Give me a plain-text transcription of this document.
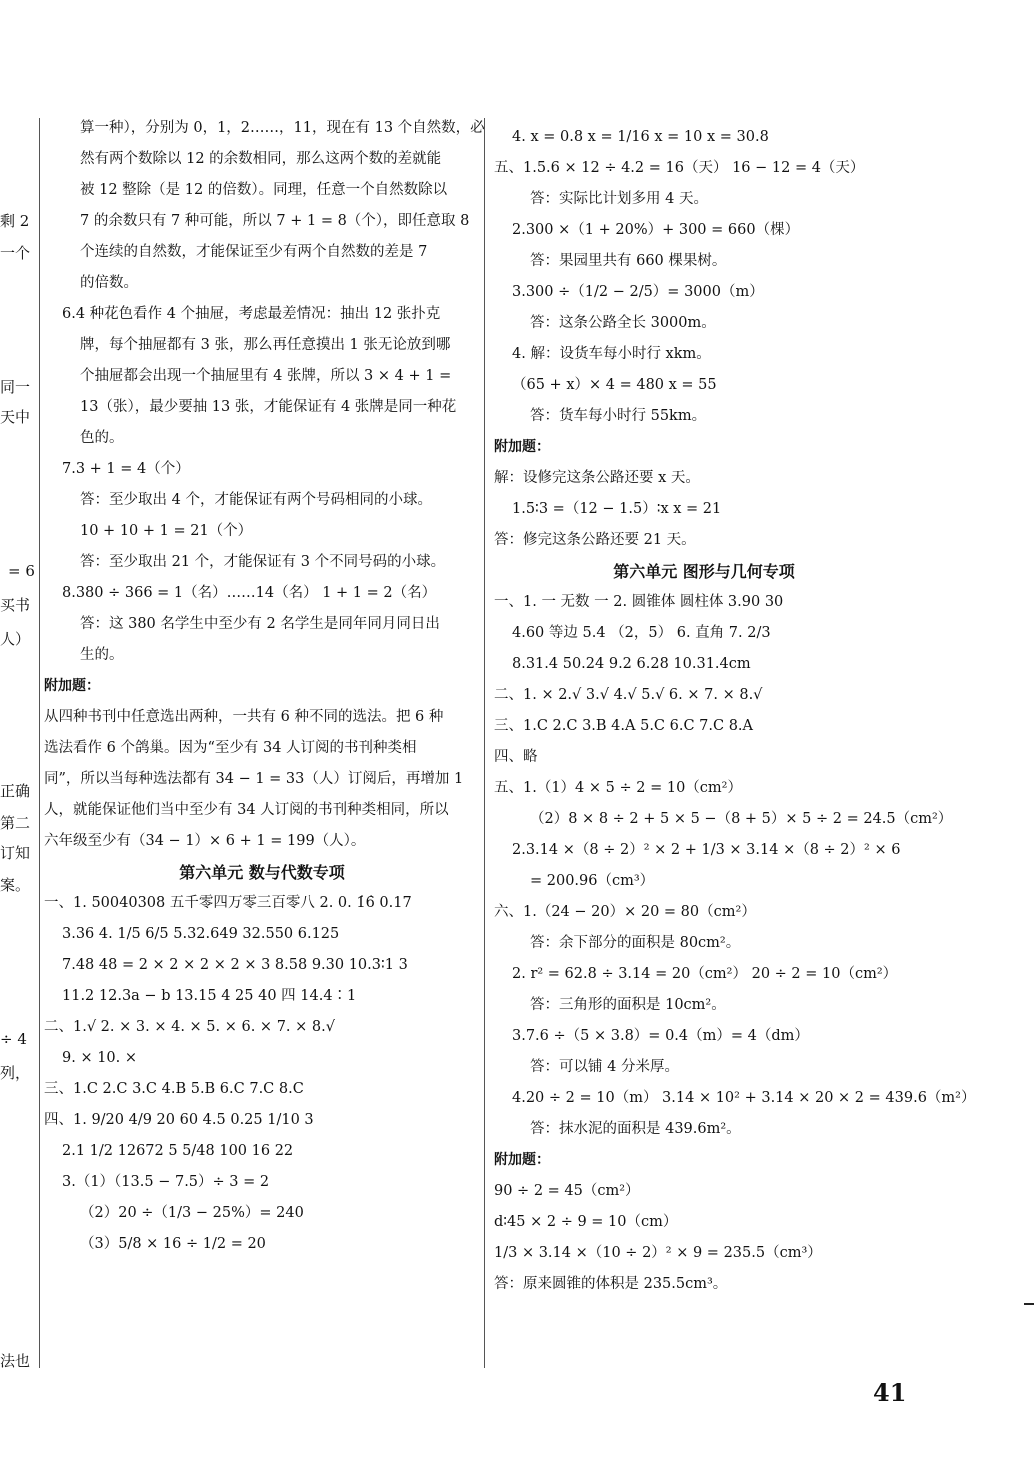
剩 2
一个
同一
天中
= 6
买书
人）
正确
第二
订知
案。
÷ 4
列，
法也
算一种），分别为 0，1，2……，11，现在有 13 个自然数，必
然有两个数除以 12 的余数相同，那么这两个数的差就能
被 12 整除（是 12 的倍数）。同理，任意一个自然数除以
7 的余数只有 7 种可能，所以 7 + 1 = 8（个），即任意取 8
个连续的自然数，才能保证至少有两个自然数的差是 7
的倍数。
6.4 种花色看作 4 个抽屉，考虑最差情况：抽出 12 张扑克
牌，每个抽屉都有 3 张，那么再任意摸出 1 张无论放到哪
个抽屉都会出现一个抽屉里有 4 张牌，所以 3 × 4 + 1 =
13（张），最少要抽 13 张，才能保证有 4 张牌是同一种花
色的。
7.3 + 1 = 4（个）
答：至少取出 4 个，才能保证有两个号码相同的小球。
10 + 10 + 1 = 21（个）
答：至少取出 21 个，才能保证有 3 个不同号码的小球。
8.380 ÷ 366 = 1（名）……14（名） 1 + 1 = 2（名）
答：这 380 名学生中至少有 2 名学生是同年同月同日出
生的。
附加题：
从四种书刊中任意选出两种，一共有 6 种不同的选法。把 6 种
选法看作 6 个鸽巢。因为“至少有 34 人订阅的书刊种类相
同”，所以当每种选法都有 34 − 1 = 33（人）订阅后，再增加 1
人，就能保证他们当中至少有 34 人订阅的书刊种类相同，所以
六年级至少有（34 − 1）× 6 + 1 = 199（人）。
第六单元 数与代数专项
一、1. 50040308 五千零四万零三百零八 2. 0. 1̇6̇ 0.17
3.36 4. 1/5 6/5 5.32.649 32.550 6.125
7.48 48 = 2 × 2 × 2 × 2 × 3 8.58 9.30 10.3∶1 3
11.2 12.3a − b 13.15 4 25 40 四 14.4∶1
二、1.√ 2. × 3. × 4. × 5. × 6. × 7. × 8.√
9. × 10. ×
三、1.C 2.C 3.C 4.B 5.B 6.C 7.C 8.C
四、1. 9/20 4/9 20 60 4.5 0.25 1/10 3
2.1 1/2 12672 5 5/48 100 16 22
3.（1）（13.5 − 7.5）÷ 3 = 2
（2）20 ÷（1/3 − 25%）= 240
（3）5/8 × 16 ÷ 1/2 = 20
4. x = 0.8 x = 1/16 x = 10 x = 30.8
五、1.5.6 × 12 ÷ 4.2 = 16（天） 16 − 12 = 4（天）
答：实际比计划多用 4 天。
2.300 ×（1 + 20%）+ 300 = 660（棵）
答：果园里共有 660 棵果树。
3.300 ÷（1/2 − 2/5）= 3000（m）
答：这条公路全长 3000m。
4. 解：设货车每小时行 xkm。
（65 + x）× 4 = 480 x = 55
答：货车每小时行 55km。
附加题：
解：设修完这条公路还要 x 天。
1.5∶3 =（12 − 1.5）∶x x = 21
答：修完这条公路还要 21 天。
第六单元 图形与几何专项
一、1. 一 无数 一 2. 圆锥体 圆柱体 3.90 30
4.60 等边 5.4 （2，5） 6. 直角 7. 2/3
8.31.4 50.24 9.2 6.28 10.31.4cm
二、1. × 2.√ 3.√ 4.√ 5.√ 6. × 7. × 8.√
三、1.C 2.C 3.B 4.A 5.C 6.C 7.C 8.A
四、略
五、1.（1）4 × 5 ÷ 2 = 10（cm²）
（2）8 × 8 ÷ 2 + 5 × 5 −（8 + 5）× 5 ÷ 2 = 24.5（cm²）
2.3.14 ×（8 ÷ 2）² × 2 + 1/3 × 3.14 ×（8 ÷ 2）² × 6
= 200.96（cm³）
六、1.（24 − 20）× 20 = 80（cm²）
答：余下部分的面积是 80cm²。
2. r² = 62.8 ÷ 3.14 = 20（cm²） 20 ÷ 2 = 10（cm²）
答：三角形的面积是 10cm²。
3.7.6 ÷（5 × 3.8）= 0.4（m）= 4（dm）
答：可以铺 4 分米厚。
4.20 ÷ 2 = 10（m） 3.14 × 10² + 3.14 × 20 × 2 = 439.6（m²）
答：抹水泥的面积是 439.6m²。
附加题：
90 ÷ 2 = 45（cm²）
d∶45 × 2 ÷ 9 = 10（cm）
1/3 × 3.14 ×（10 ÷ 2）² × 9 = 235.5（cm³）
答：原来圆锥的体积是 235.5cm³。
41
